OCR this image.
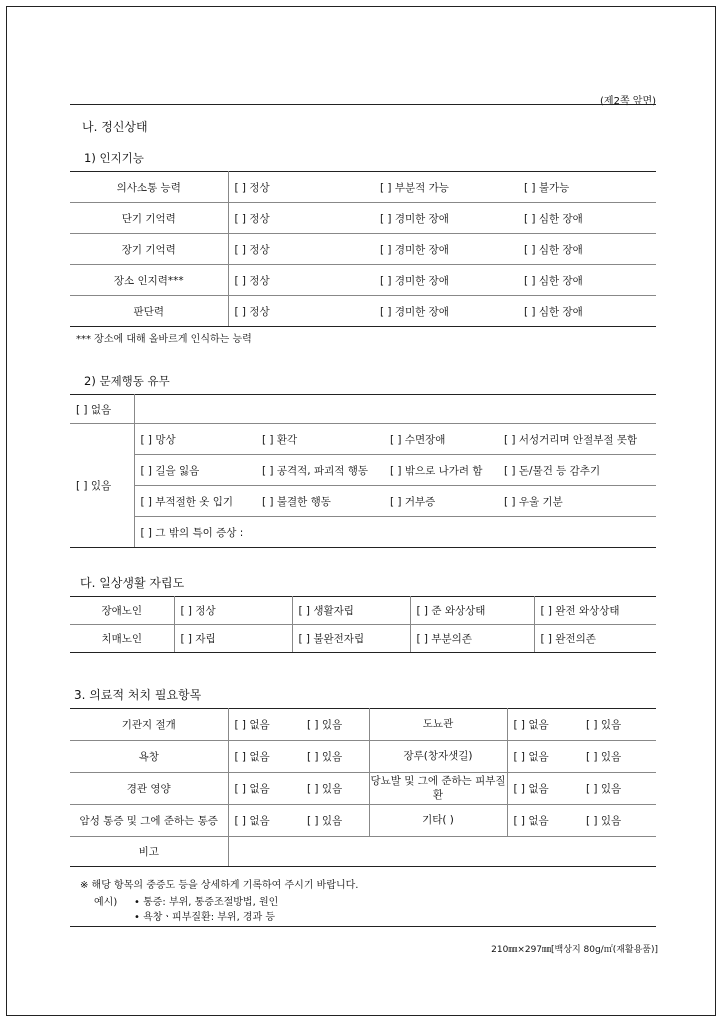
(제2쪽 앞면)
나. 정신상태
1) 인지기능
의사소통 능력	[ ] 정상	[ ] 부분적 가능	[ ] 불가능
단기 기억력	[ ] 정상	[ ] 경미한 장애	[ ] 심한 장애
장기 기억력	[ ] 정상	[ ] 경미한 장애	[ ] 심한 장애
장소 인지력***	[ ] 정상	[ ] 경미한 장애	[ ] 심한 장애
판단력	[ ] 정상	[ ] 경미한 장애	[ ] 심한 장애
*** 장소에 대해 올바르게 인식하는 능력
2) 문제행동 유무
[ ] 없음				
[ ] 있음	[ ] 망상	[ ] 환각	[ ] 수면장애	[ ] 서성거리며 안절부절 못함
	[ ] 길을 잃음	[ ] 공격적, 파괴적 행동	[ ] 밖으로 나가려 함	[ ] 돈/물건 등 감추기
	[ ] 부적절한 옷 입기	[ ] 불결한 행동	[ ] 거부증	[ ] 우울 기분
	[ ] 그 밖의 특이 증상 :			
다. 일상생활 자립도
장애노인	[ ] 정상	[ ] 생활자립	[ ] 준 와상상태	[ ] 완전 와상상태
치매노인	[ ] 자립	[ ] 불완전자립	[ ] 부분의존	[ ] 완전의존
3. 의료적 처치 필요항목
기관지 절개	[ ] 없음	[ ] 있음	도뇨관	[ ] 없음	[ ] 있음
욕창	[ ] 없음	[ ] 있음	장루(창자샛길)	[ ] 없음	[ ] 있음
경관 영양	[ ] 없음	[ ] 있음	당뇨발 및 그에 준하는 피부질환	[ ] 없음	[ ] 있음
암성 통증 및 그에 준하는 통증	[ ] 없음	[ ] 있음	기타( )	[ ] 없음	[ ] 있음
비고					
※ 해당 항목의 중증도 등을 상세하게 기록하여 주시기 바랍니다.
예시) • 통증: 부위, 통증조절방법, 원인
• 욕창ㆍ피부질환: 부위, 경과 등
210㎜×297㎜[백상지 80g/㎡(재활용품)]
